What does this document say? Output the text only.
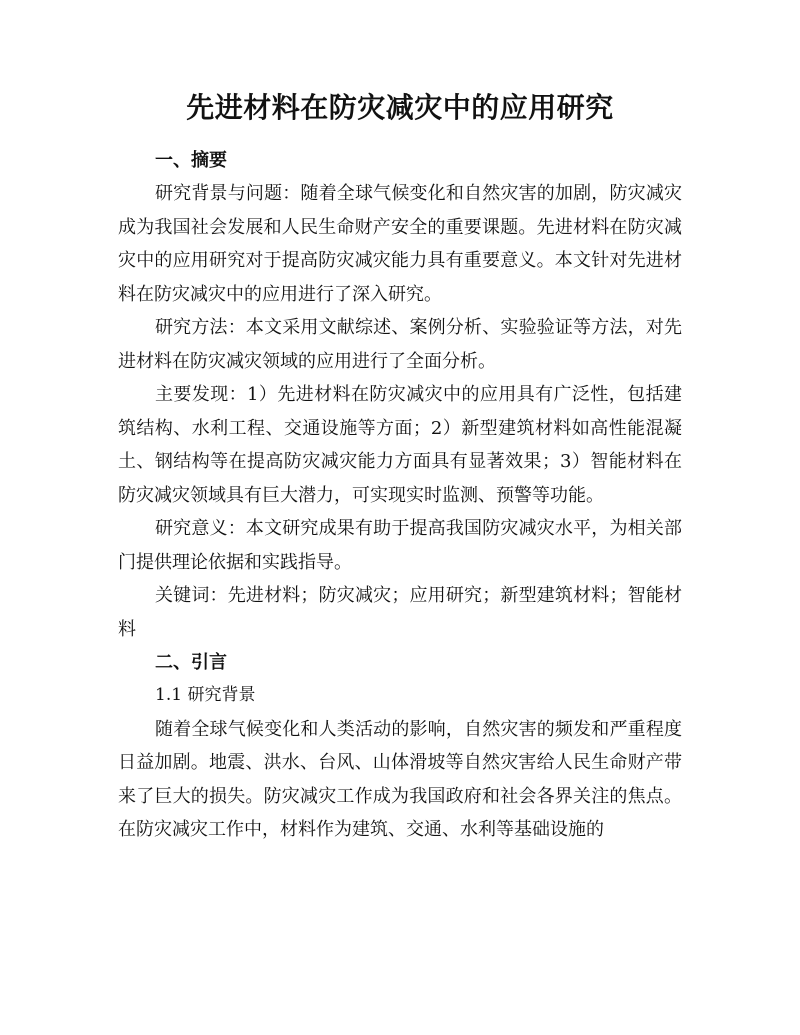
先进材料在防灾减灾中的应用研究

一、摘要

研究背景与问题：随着全球气候变化和自然灾害的加剧，防灾减灾成为我国社会发展和人民生命财产安全的重要课题。先进材料在防灾减灾中的应用研究对于提高防灾减灾能力具有重要意义。本文针对先进材料在防灾减灾中的应用进行了深入研究。

研究方法：本文采用文献综述、案例分析、实验验证等方法，对先进材料在防灾减灾领域的应用进行了全面分析。

主要发现：1）先进材料在防灾减灾中的应用具有广泛性，包括建筑结构、水利工程、交通设施等方面；2）新型建筑材料如高性能混凝土、钢结构等在提高防灾减灾能力方面具有显著效果；3）智能材料在防灾减灾领域具有巨大潜力，可实现实时监测、预警等功能。

研究意义：本文研究成果有助于提高我国防灾减灾水平，为相关部门提供理论依据和实践指导。

关键词：先进材料；防灾减灾；应用研究；新型建筑材料；智能材料

二、引言

1.1 研究背景

随着全球气候变化和人类活动的影响，自然灾害的频发和严重程度日益加剧。地震、洪水、台风、山体滑坡等自然灾害给人民生命财产带来了巨大的损失。防灾减灾工作成为我国政府和社会各界关注的焦点。在防灾减灾工作中，材料作为建筑、交通、水利等基础设施的
